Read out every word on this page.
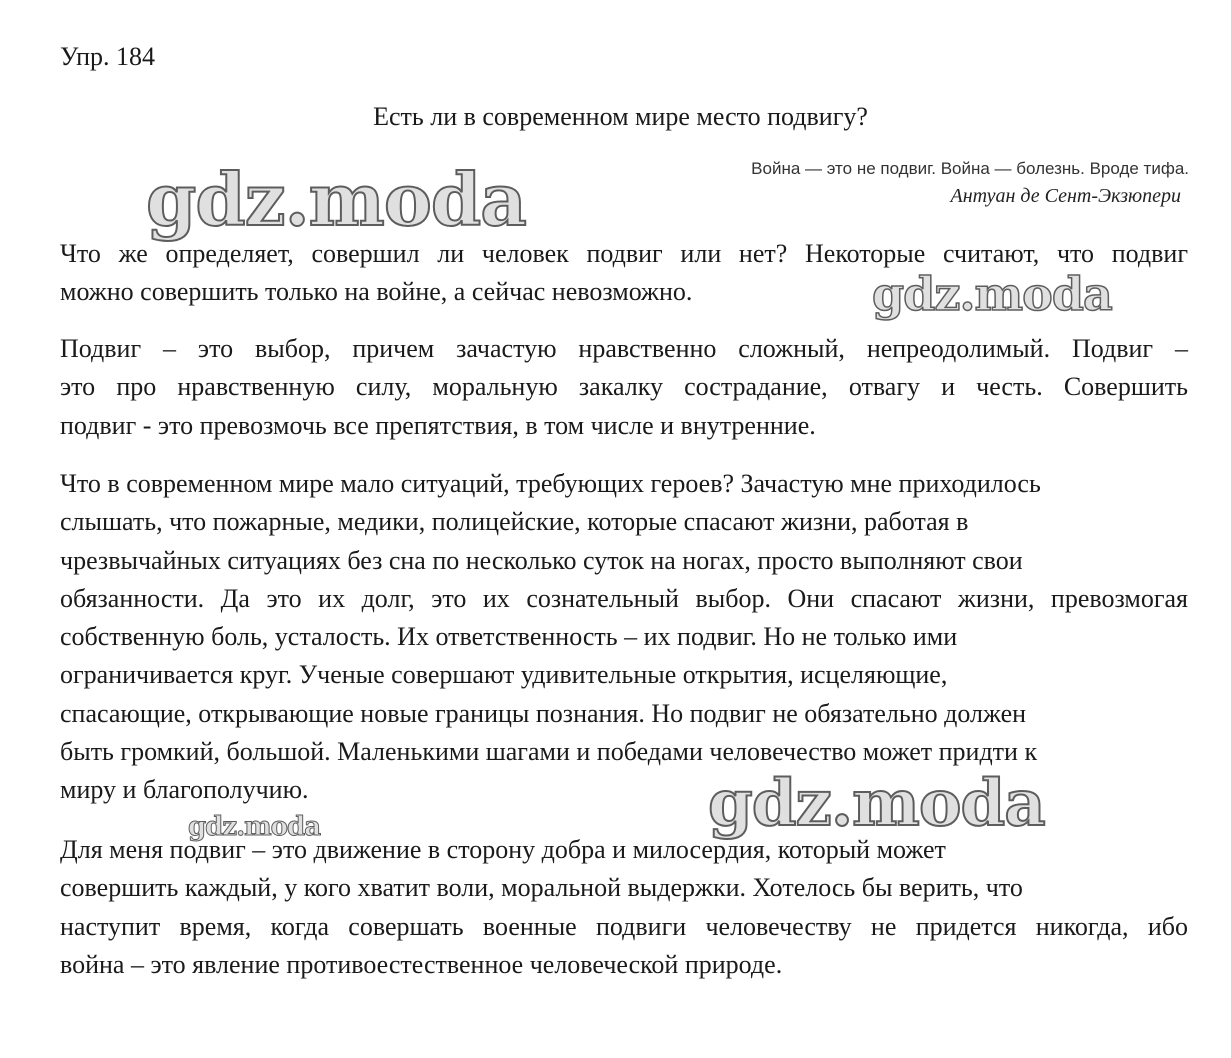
Упр. 184
Есть ли в современном мире место подвигу?
Война — это не подвиг. Война — болезнь. Вроде тифа.
Антуан де Сент-Экзюпери
Что же определяет, совершил ли человек подвиг или нет? Некоторые считают, что подвиг
можно совершить только на войне, а сейчас невозможно.
Подвиг – это выбор, причем зачастую нравственно сложный, непреодолимый. Подвиг –
это про нравственную силу, моральную закалку сострадание, отвагу и честь. Совершить
подвиг - это превозмочь все препятствия, в том числе и внутренние.
Что в современном мире мало ситуаций, требующих героев? Зачастую мне приходилось
слышать, что пожарные, медики, полицейские, которые спасают жизни, работая в
чрезвычайных ситуациях без сна по несколько суток на ногах, просто выполняют свои
обязанности. Да это их долг, это их сознательный выбор. Они спасают жизни, превозмогая
собственную боль, усталость. Их ответственность – их подвиг. Но не только ими
ограничивается круг. Ученые совершают удивительные открытия, исцеляющие,
спасающие, открывающие новые границы познания. Но подвиг не обязательно должен
быть громкий, большой. Маленькими шагами и победами человечество может придти к
миру и благополучию.
Для меня подвиг – это движение в сторону добра и милосердия, который может
совершить каждый, у кого хватит воли, моральной выдержки. Хотелось бы верить, что
наступит время, когда совершать военные подвиги человечеству не придется никогда, ибо
война – это явление противоестественное человеческой природе.
gdz.moda
gdz.moda
gdz.moda
gdz.moda
